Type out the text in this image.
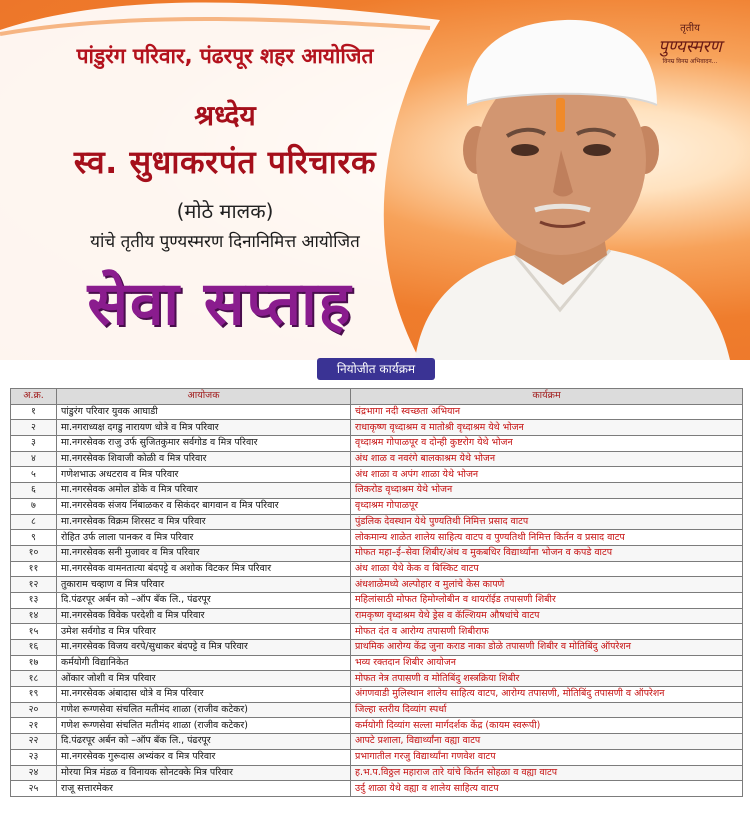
पांडुरंग परिवार, पंढरपूर शहर आयोजित
श्रध्देय
स्व. सुधाकरपंत परिचारक
(मोठे मालक)
यांचे तृतीय पुण्यस्मरण दिनानिमित्त आयोजित
सेवा सप्ताह
तृतीय
पुण्यस्मरण
विनम्र विनम्र अभिवादन...
नियोजीत कार्यक्रम
अ.क्र.	आयोजक	कार्यक्रम
१	पांडुरंग परिवार युवक आघाडी	चंद्रभागा नदी स्वच्छता अभियान
२	मा.नगराध्यक्ष दगडु नारायण धोत्रे व मित्र परिवार	राधाकृष्ण वृध्दाश्रम व मातोश्री वृध्दाश्रम येथे भोजन
३	मा.नगरसेवक राजु उर्फ सुजितकुमार सर्वगोड व मित्र परिवार	वृध्दाश्रम गोपाळपूर व दोन्ही कुष्टरोग येथे भोजन
४	मा.नगरसेवक शिवाजी कोळी व मित्र परिवार	अंध शाळ व नवरंगे बालकाश्रम येथे भोजन
५	गणेशभाऊ अधटराव व मित्र परिवार	अंध शाळा व अपंग शाळा येथे भोजन
६	मा.नगरसेवक अमोल डोके व मित्र परिवार	लिकरोड वृध्दाश्रम येथे भोजन
७	मा.नगरसेवक संजय निंबाळकर व सिकंदर बागवान व मित्र परिवार	वृध्दाश्रम गोपाळपूर
८	मा.नगरसेवक विक्रम शिरसट व मित्र परिवार	पुंडलिक देवस्थान येथे पुण्यतिथी निमित्त प्रसाद वाटप
९	रोहित उर्फ लाला पानकर व मित्र परिवार	लोकमान्य शाळेत शालेय साहित्य वाटप व पुण्यतिथी निमित्त किर्तन व प्रसाद वाटप
१०	मा.नगरसेवक सनी मुजावर व मित्र परिवार	मोफत महा–ई–सेवा शिबीर/अंध व मुकबधिर विद्यार्थ्यांना भोजन व कपडे वाटप
११	मा.नगरसेवक वामनतात्या बंदपट्टे व अशोक विटकर मित्र परिवार	अंध शाळा येथे केक व बिस्किट वाटप
१२	तुकाराम चव्हाण व मित्र परिवार	अंधशाळेमध्ये अल्पोहार व मुलांचे केस कापणे
१३	दि.पंढरपूर अर्बन को –ऑप बँक लि., पंढरपूर	महिलांसाठी मोफत हिमोग्लोबीन व थायरॉईड तपासणी शिबीर
१४	मा.नगरसेवक विवेक परदेशी व मित्र परिवार	रामकृष्ण वृध्दाश्रम येथे ड्रेस व कॅल्शियम औषधांचे वाटप
१५	उमेश सर्वगोड व मित्र परिवार	मोफत दंत व आरोग्य तपासणी शिबीराफ
१६	मा.नगरसेवक विजय वरपे/सुधाकर बंदपट्टे व मित्र परिवार	प्राथमिक आरोग्य केंद्र जुना कराड नाका डोळे तपासणी शिबीर व मोतिबिंदु ऑपरेशन
१७	कर्मयोगी विद्यानिकेत	भव्य रक्तदान शिबीर आयोजन
१८	ओंकार जोशी व मित्र परिवार	मोफत नेत्र तपासणी व मोतिबिंदु शस्त्रक्रिया शिबीर
१९	मा.नगरसेवक अंबादास धोत्रे व मित्र परिवार	अंगणवाडी मुलिस्थान शालेय साहित्य वाटप, आरोग्य तपासणी, मोतिबिंदु तपासणी व ऑपरेशन
२०	गणेश रूग्णसेवा संचलित मतीमंद शाळा (राजीव कटेकर)	जिल्हा स्तरीय दिव्यांग स्पर्धा
२१	गणेश रूग्णसेवा संचलित मतीमंद शाळा (राजीव कटेकर)	कर्मयोगी दिव्यांग सल्ला मार्गदर्शक केंद्र (कायम स्वरूपी)
२२	दि.पंढरपूर अर्बन को –ऑप बँक लि., पंढरपूर	आपटे प्रशाला, विद्यार्थ्यांना वह्या वाटप
२३	मा.नगरसेवक गुरूदास अभ्यंकर व मित्र परिवार	प्रभागातील गरजु विद्यार्थ्यांना गणवेश वाटप
२४	मोरया मित्र मंडळ व विनायक सोनटक्के मित्र परिवार	ह.भ.प.विठ्ठल महाराज तारे यांचे किर्तन सोहळा व वह्या वाटप
२५	राजू सत्तारमेकर	उर्दु शाळा येथे वह्या व शालेय साहित्य वाटप
